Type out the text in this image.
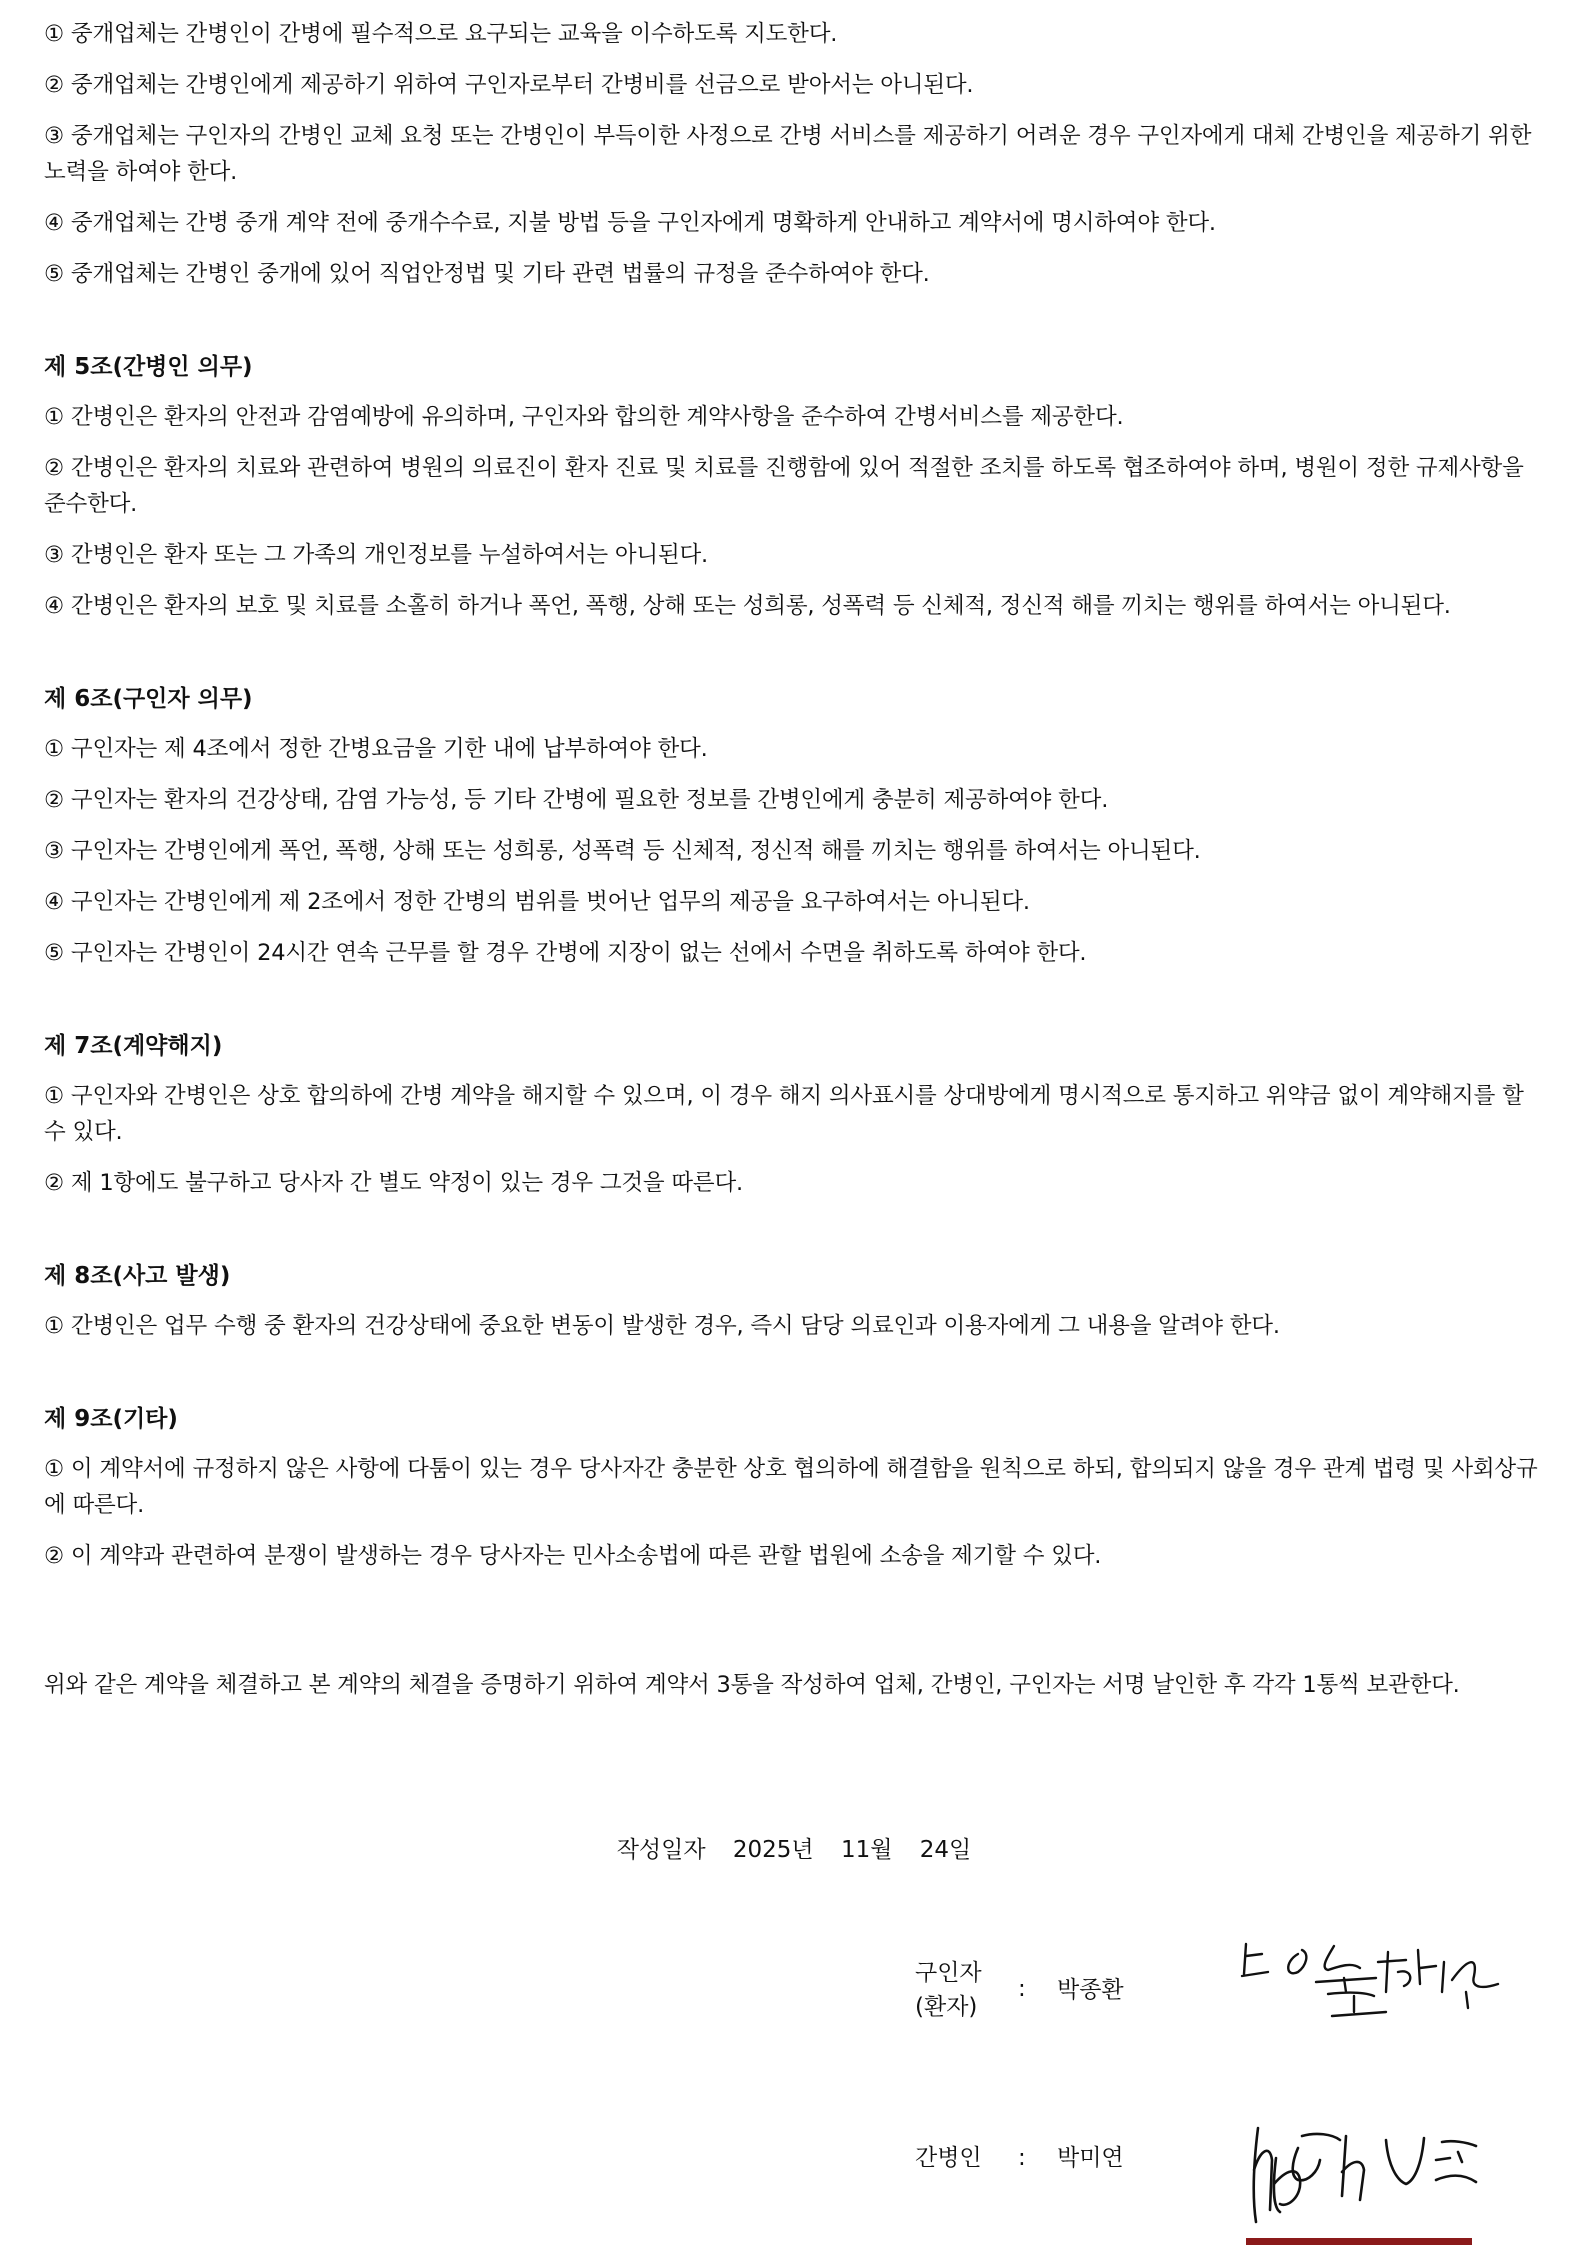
① 중개업체는 간병인이 간병에 필수적으로 요구되는 교육을 이수하도록 지도한다.

② 중개업체는 간병인에게 제공하기 위하여 구인자로부터 간병비를 선금으로 받아서는 아니된다.

③ 중개업체는 구인자의 간병인 교체 요청 또는 간병인이 부득이한 사정으로 간병 서비스를 제공하기 어려운 경우 구인자에게 대체 간병인을 제공하기 위한 노력을 하여야 한다.

④ 중개업체는 간병 중개 계약 전에 중개수수료, 지불 방법 등을 구인자에게 명확하게 안내하고 계약서에 명시하여야 한다.

⑤ 중개업체는 간병인 중개에 있어 직업안정법 및 기타 관련 법률의 규정을 준수하여야 한다.

제 5조(간병인 의무)

① 간병인은 환자의 안전과 감염예방에 유의하며, 구인자와 합의한 계약사항을 준수하여 간병서비스를 제공한다.

② 간병인은 환자의 치료와 관련하여 병원의 의료진이 환자 진료 및 치료를 진행함에 있어 적절한 조치를 하도록 협조하여야 하며, 병원이 정한 규제사항을 준수한다.

③ 간병인은 환자 또는 그 가족의 개인정보를 누설하여서는 아니된다.

④ 간병인은 환자의 보호 및 치료를 소홀히 하거나 폭언, 폭행, 상해 또는 성희롱, 성폭력 등 신체적, 정신적 해를 끼치는 행위를 하여서는 아니된다.

제 6조(구인자 의무)

① 구인자는 제 4조에서 정한 간병요금을 기한 내에 납부하여야 한다.

② 구인자는 환자의 건강상태, 감염 가능성, 등 기타 간병에 필요한 정보를 간병인에게 충분히 제공하여야 한다.

③ 구인자는 간병인에게 폭언, 폭행, 상해 또는 성희롱, 성폭력 등 신체적, 정신적 해를 끼치는 행위를 하여서는 아니된다.

④ 구인자는 간병인에게 제 2조에서 정한 간병의 범위를 벗어난 업무의 제공을 요구하여서는 아니된다.

⑤ 구인자는 간병인이 24시간 연속 근무를 할 경우 간병에 지장이 없는 선에서 수면을 취하도록 하여야 한다.

제 7조(계약해지)

① 구인자와 간병인은 상호 합의하에 간병 계약을 해지할 수 있으며, 이 경우 해지 의사표시를 상대방에게 명시적으로 통지하고 위약금 없이 계약해지를 할 수 있다.

② 제 1항에도 불구하고 당사자 간 별도 약정이 있는 경우 그것을 따른다.

제 8조(사고 발생)

① 간병인은 업무 수행 중 환자의 건강상태에 중요한 변동이 발생한 경우, 즉시 담당 의료인과 이용자에게 그 내용을 알려야 한다.

제 9조(기타)

① 이 계약서에 규정하지 않은 사항에 다툼이 있는 경우 당사자간 충분한 상호 협의하에 해결함을 원칙으로 하되, 합의되지 않을 경우 관계 법령 및 사회상규에 따른다.

② 이 계약과 관련하여 분쟁이 발생하는 경우 당사자는 민사소송법에 따른 관할 법원에 소송을 제기할 수 있다.

위와 같은 계약을 체결하고 본 계약의 체결을 증명하기 위하여 계약서 3통을 작성하여 업체, 간병인, 구인자는 서명 날인한 후 각각 1통씩 보관한다.

작성일자 2025년 11월 24일
구인자
(환자)
: 박종환
간병인 : 박미연
